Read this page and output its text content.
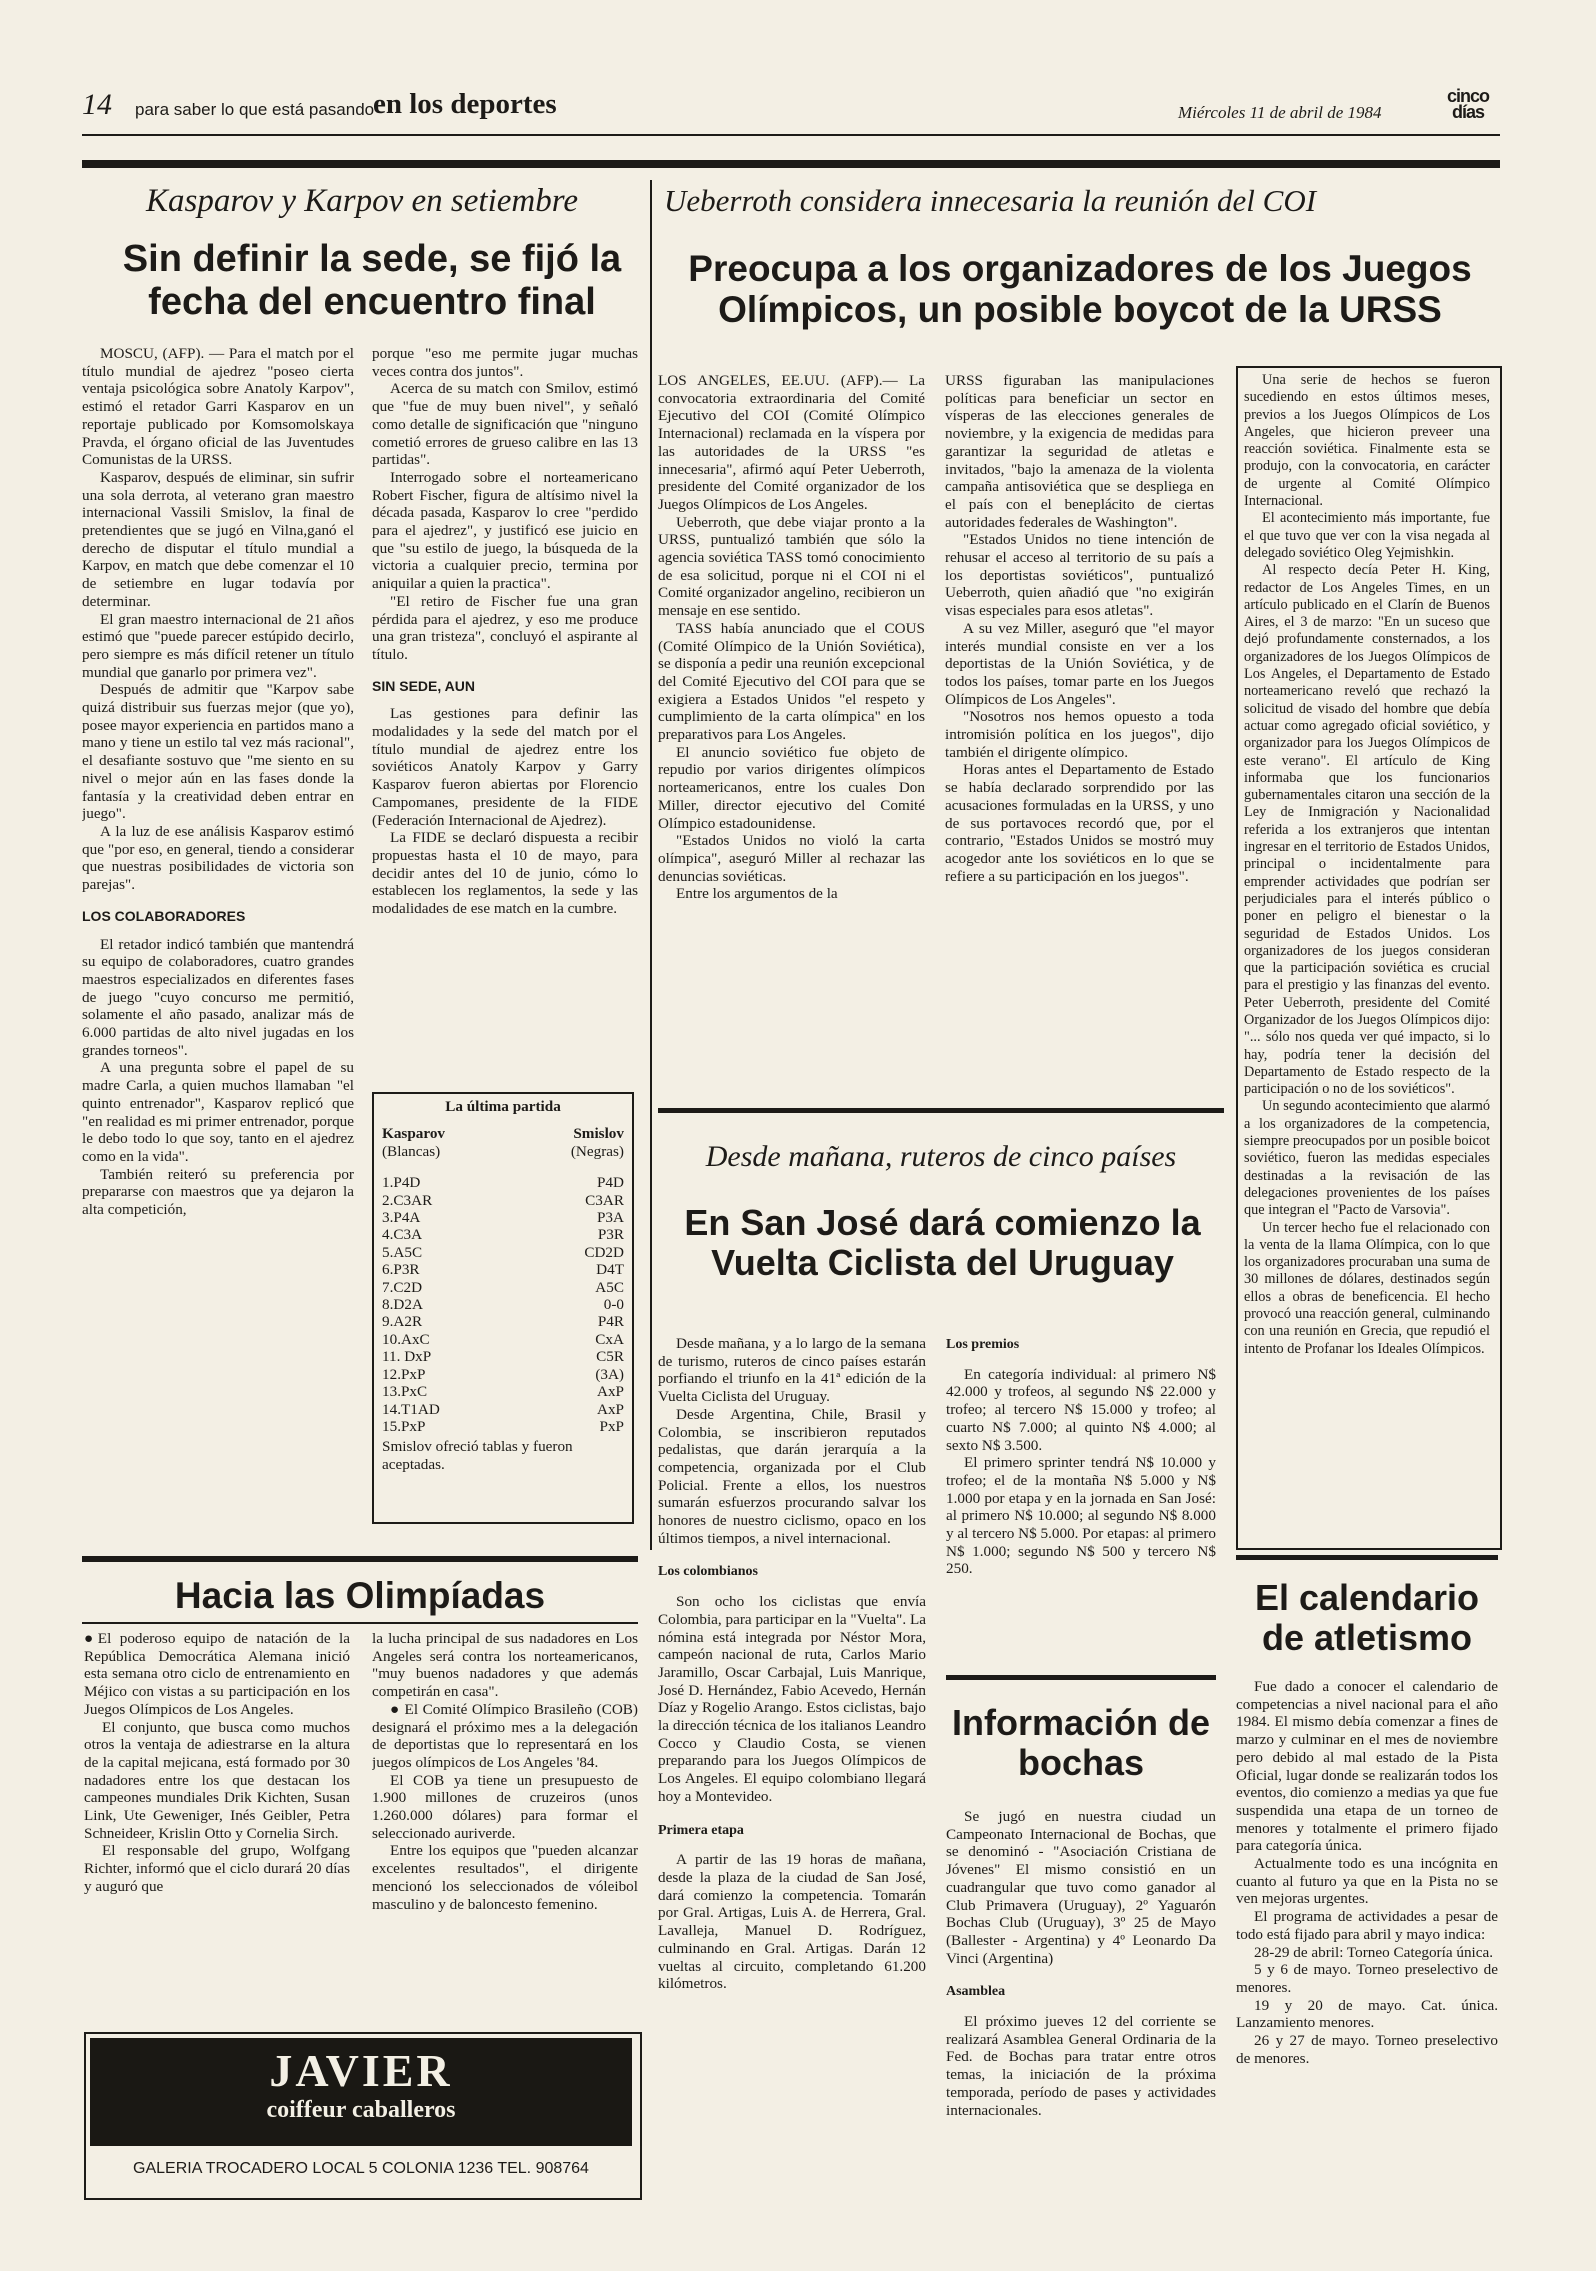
14 para saber lo que está pasando
en los deportes	Miércoles 11 de abril de 1984
cinco días
Kasparov y Karpov en setiembre
Sin definir la sede, se fijó la fecha del encuentro final

MOSCU, (AFP). — Para el match por el título mundial de ajedrez "poseo cierta ventaja psicológica sobre Anatoly Karpov", estimó el retador Garri Kasparov en un reportaje publicado por Komsomolskaya Pravda, el órgano oficial de las Juventudes Comunistas de la URSS.

Kasparov, después de eliminar, sin sufrir una sola derrota, al veterano gran maestro internacional Vassili Smislov, la final de pretendientes que se jugó en Vilna,ganó el derecho de disputar el título mundial a Karpov, en match que debe comenzar el 10 de setiembre en lugar todavía por determinar.

El gran maestro internacional de 21 años estimó que "puede parecer estúpido decirlo, pero siempre es más difícil retener un título mundial que ganarlo por primera vez".

Después de admitir que "Karpov sabe quizá distribuir sus fuerzas mejor (que yo), posee mayor experiencia en partidos mano a mano y tiene un estilo tal vez más racional", el desafiante sostuvo que "me siento en su nivel o mejor aún en las fases donde la fantasía y la creatividad deben entrar en juego".

A la luz de ese análisis Kasparov estimó que "por eso, en general, tiendo a considerar que nuestras posibilidades de victoria son parejas".

LOS COLABORADORES

El retador indicó también que mantendrá su equipo de colaboradores, cuatro grandes maestros especializados en diferentes fases de juego "cuyo concurso me permitió, solamente el año pasado, analizar más de 6.000 partidas de alto nivel jugadas en los grandes torneos".

A una pregunta sobre el papel de su madre Carla, a quien muchos llamaban "el quinto entrenador", Kasparov replicó que "en realidad es mi primer entrenador, porque le debo todo lo que soy, tanto en el ajedrez como en la vida".

También reiteró su preferencia por prepararse con maestros que ya dejaron la alta competición,

porque "eso me permite jugar muchas veces contra dos juntos".

Acerca de su match con Smilov, estimó que "fue de muy buen nivel", y señaló como detalle de significación que "ninguno cometió errores de grueso calibre en las 13 partidas".

Interrogado sobre el norteamericano Robert Fischer, figura de altísimo nivel la década pasada, Kasparov lo cree "perdido para el ajedrez", y justificó ese juicio en que "su estilo de juego, la búsqueda de la victoria a cualquier precio, termina por aniquilar a quien la practica".

"El retiro de Fischer fue una gran pérdida para el ajedrez, y eso me produce una gran tristeza", concluyó el aspirante al título.

SIN SEDE, AUN

Las gestiones para definir las modalidades y la sede del match por el título mundial de ajedrez entre los soviéticos Anatoly Karpov y Garry Kasparov fueron abiertas por Florencio Campomanes, presidente de la FIDE (Federación Internacional de Ajedrez).

La FIDE se declaró dispuesta a recibir propuestas hasta el 10 de mayo, para decidir antes del 10 de junio, cómo lo establecen los reglamentos, la sede y las modalidades de ese match en la cumbre.

La última partida
Kasparov	Smislov
(Blancas)	(Negras)

1.P4D	P4D
2.C3AR	C3AR
3.P4A	P3A
4.C3A	P3R
5.A5C	CD2D
6.P3R	D4T
7.C2D	A5C
8.D2A	0-0
9.A2R	P4R
10.AxC	CxA
11. DxP	C5R
12.PxP	(3A)
13.PxC	AxP
14.T1AD	AxP
15.PxP	PxP
Smislov ofreció tablas y fueron aceptadas.
Ueberroth considera innecesaria la reunión del COI
Preocupa a los organizadores de los Juegos Olímpicos, un posible boycot de la URSS

LOS ANGELES, EE.UU. (AFP).— La convocatoria extraordinaria del Comité Ejecutivo del COI (Comité Olímpico Internacional) reclamada en la víspera por las autoridades de la URSS "es innecesaria", afirmó aquí Peter Ueberroth, presidente del Comité organizador de los Juegos Olímpicos de Los Angeles.

Ueberroth, que debe viajar pronto a la URSS, puntualizó también que sólo la agencia soviética TASS tomó conocimiento de esa solicitud, porque ni el COI ni el Comité organizador angelino, recibieron un mensaje en ese sentido.

TASS había anunciado que el COUS (Comité Olímpico de la Unión Soviética), se disponía a pedir una reunión excepcional del Comité Ejecutivo del COI para que se exigiera a Estados Unidos "el respeto y cumplimiento de la carta olímpica" en los preparativos para Los Angeles.

El anuncio soviético fue objeto de repudio por varios dirigentes olímpicos norteamericanos, entre los cuales Don Miller, director ejecutivo del Comité Olímpico estadounidense.

"Estados Unidos no violó la carta olímpica", aseguró Miller al rechazar las denuncias soviéticas.

Entre los argumentos de la

URSS figuraban las manipulaciones políticas para beneficiar un sector en vísperas de las elecciones generales de noviembre, y la exigencia de medidas para garantizar la seguridad de atletas e invitados, "bajo la amenaza de la violenta campaña antisoviética que se despliega en el país con el beneplácito de ciertas autoridades federales de Washington".

"Estados Unidos no tiene intención de rehusar el acceso al territorio de su país a los deportistas soviéticos", puntualizó Ueberroth, quien añadió que "no exigirán visas especiales para esos atletas".

A su vez Miller, aseguró que "el mayor interés mundial consiste en ver a los deportistas de la Unión Soviética, y de todos los países, tomar parte en los Juegos Olímpicos de Los Angeles".

"Nosotros nos hemos opuesto a toda intromisión política en los juegos", dijo también el dirigente olímpico.

Horas antes el Departamento de Estado se había declarado sorprendido por las acusaciones formuladas en la URSS, y uno de sus portavoces recordó que, por el contrario, "Estados Unidos se mostró muy acogedor ante los soviéticos en lo que se refiere a su participación en los juegos".

Una serie de hechos se fueron sucediendo en estos últimos meses, previos a los Juegos Olímpicos de Los Angeles, que hicieron preveer una reacción soviética. Finalmente esta se produjo, con la convocatoria, en carácter de urgente al Comité Olímpico Internacional.

El acontecimiento más importante, fue el que tuvo que ver con la visa negada al delegado soviético Oleg Yejmishkin.

Al respecto decía Peter H. King, redactor de Los Angeles Times, en un artículo publicado en el Clarín de Buenos Aires, el 3 de marzo: "En un suceso que dejó profundamente consternados, a los organizadores de los Juegos Olímpicos de Los Angeles, el Departamento de Estado norteamericano reveló que rechazó la solicitud de visado del hombre que debía actuar como agregado oficial soviético, y organizador para los Juegos Olímpicos de este verano". El artículo de King informaba que los funcionarios gubernamentales citaron una sección de la Ley de Inmigración y Nacionalidad referida a los extranjeros que intentan ingresar en el territorio de Estados Unidos, principal o incidentalmente para emprender actividades que podrían ser perjudiciales para el interés público o poner en peligro el bienestar o la seguridad de Estados Unidos. Los organizadores de los juegos consideran que la participación soviética es crucial para el prestigio y las finanzas del evento. Peter Ueberroth, presidente del Comité Organizador de los Juegos Olímpicos dijo: "... sólo nos queda ver qué impacto, si lo hay, podría tener la decisión del Departamento de Estado respecto de la participación o no de los soviéticos".

Un segundo acontecimiento que alarmó a los organizadores de la competencia, siempre preocupados por un posible boicot soviético, fueron las medidas especiales destinadas a la revisación de las delegaciones provenientes de los países que integran el "Pacto de Varsovia".

Un tercer hecho fue el relacionado con la venta de la llama Olímpica, con lo que los organizadores procuraban una suma de 30 millones de dólares, destinados según ellos a obras de beneficencia. El hecho provocó una reacción general, culminando con una reunión en Grecia, que repudió el intento de Profanar los Ideales Olímpicos.

Desde mañana, ruteros de cinco países
En San José dará comienzo la Vuelta Ciclista del Uruguay

Desde mañana, y a lo largo de la semana de turismo, ruteros de cinco países estarán porfiando el triunfo en la 41ª edición de la Vuelta Ciclista del Uruguay.

Desde Argentina, Chile, Brasil y Colombia, se inscribieron reputados pedalistas, que darán jerarquía a la competencia, organizada por el Club Policial. Frente a ellos, los nuestros sumarán esfuerzos procurando salvar los honores de nuestro ciclismo, opaco en los últimos tiempos, a nivel internacional.

Los colombianos

Son ocho los ciclistas que envía Colombia, para participar en la "Vuelta". La nómina está integrada por Néstor Mora, campeón nacional de ruta, Carlos Mario Jaramillo, Oscar Carbajal, Luis Manrique, José D. Hernández, Fabio Acevedo, Hernán Díaz y Rogelio Arango. Estos ciclistas, bajo la dirección técnica de los italianos Leandro Cocco y Claudio Costa, se vienen preparando para los Juegos Olímpicos de Los Angeles. El equipo colombiano llegará hoy a Montevideo.

Primera etapa

A partir de las 19 horas de mañana, desde la plaza de la ciudad de San José, dará comienzo la competencia. Tomarán por Gral. Artigas, Luis A. de Herrera, Gral. Lavalleja, Manuel D. Rodríguez, culminando en Gral. Artigas. Darán 12 vueltas al circuito, completando 61.200 kilómetros.

Los premios

En categoría individual: al primero N$ 42.000 y trofeos, al segundo N$ 22.000 y trofeo; al tercero N$ 15.000 y trofeo; al cuarto N$ 7.000; al quinto N$ 4.000; al sexto N$ 3.500.

El primero sprinter tendrá N$ 10.000 y trofeo; el de la montaña N$ 5.000 y N$ 1.000 por etapa y en la jornada en San José: al primero N$ 10.000; al segundo N$ 8.000 y al tercero N$ 5.000. Por etapas: al primero N$ 1.000; segundo N$ 500 y tercero N$ 250.

Información de bochas

Se jugó en nuestra ciudad un Campeonato Internacional de Bochas, que se denominó - "Asociación Cristiana de Jóvenes" El mismo consistió en un cuadrangular que tuvo como ganador al Club Primavera (Uruguay), 2º Yaguarón Bochas Club (Uruguay), 3º 25 de Mayo (Ballester - Argentina) y 4º Leonardo Da Vinci (Argentina)

Asamblea

El próximo jueves 12 del corriente se realizará Asamblea General Ordinaria de la Fed. de Bochas para tratar entre otros temas, la iniciación de la próxima temporada, período de pases y actividades internacionales.

El calendario de atletismo

Fue dado a conocer el calendario de competencias a nivel nacional para el año 1984. El mismo debía comenzar a fines de marzo y culminar en el mes de noviembre pero debido al mal estado de la Pista Oficial, lugar donde se realizarán todos los eventos, dio comienzo a medias ya que fue suspendida una etapa de un torneo de menores y totalmente el primero fijado para categoría única.

Actualmente todo es una incógnita en cuanto al futuro ya que en la Pista no se ven mejoras urgentes.

El programa de actividades a pesar de todo está fijado para abril y mayo indica:

28-29 de abril: Torneo Categoría única.

5 y 6 de mayo. Torneo preselectivo de menores.

19 y 20 de mayo. Cat. única. Lanzamiento menores.

26 y 27 de mayo. Torneo preselectivo de menores.

Hacia las Olimpíadas

●El poderoso equipo de natación de la República Democrática Alemana inició esta semana otro ciclo de entrenamiento en Méjico con vistas a su participación en los Juegos Olímpicos de Los Angeles.

El conjunto, que busca como muchos otros la ventaja de adiestrarse en la altura de la capital mejicana, está formado por 30 nadadores entre los que destacan los campeones mundiales Drik Kichten, Susan Link, Ute Geweniger, Inés Geibler, Petra Schneideer, Krislin Otto y Cornelia Sirch.

El responsable del grupo, Wolfgang Richter, informó que el ciclo durará 20 días y auguró que

la lucha principal de sus nadadores en Los Angeles será contra los norteamericanos, "muy buenos nadadores y que además competirán en casa".

● El Comité Olímpico Brasileño (COB) designará el próximo mes a la delegación de deportistas que lo representará en los juegos olímpicos de Los Angeles '84.

El COB ya tiene un presupuesto de 1.900 millones de cruzeiros (unos 1.260.000 dólares) para formar el seleccionado auriverde.

Entre los equipos que "pueden alcanzar excelentes resultados", el dirigente mencionó los seleccionados de vóleibol masculino y de baloncesto femenino.

JAVIER
coiffeur caballeros
GALERIA TROCADERO LOCAL 5 COLONIA 1236 TEL. 908764
